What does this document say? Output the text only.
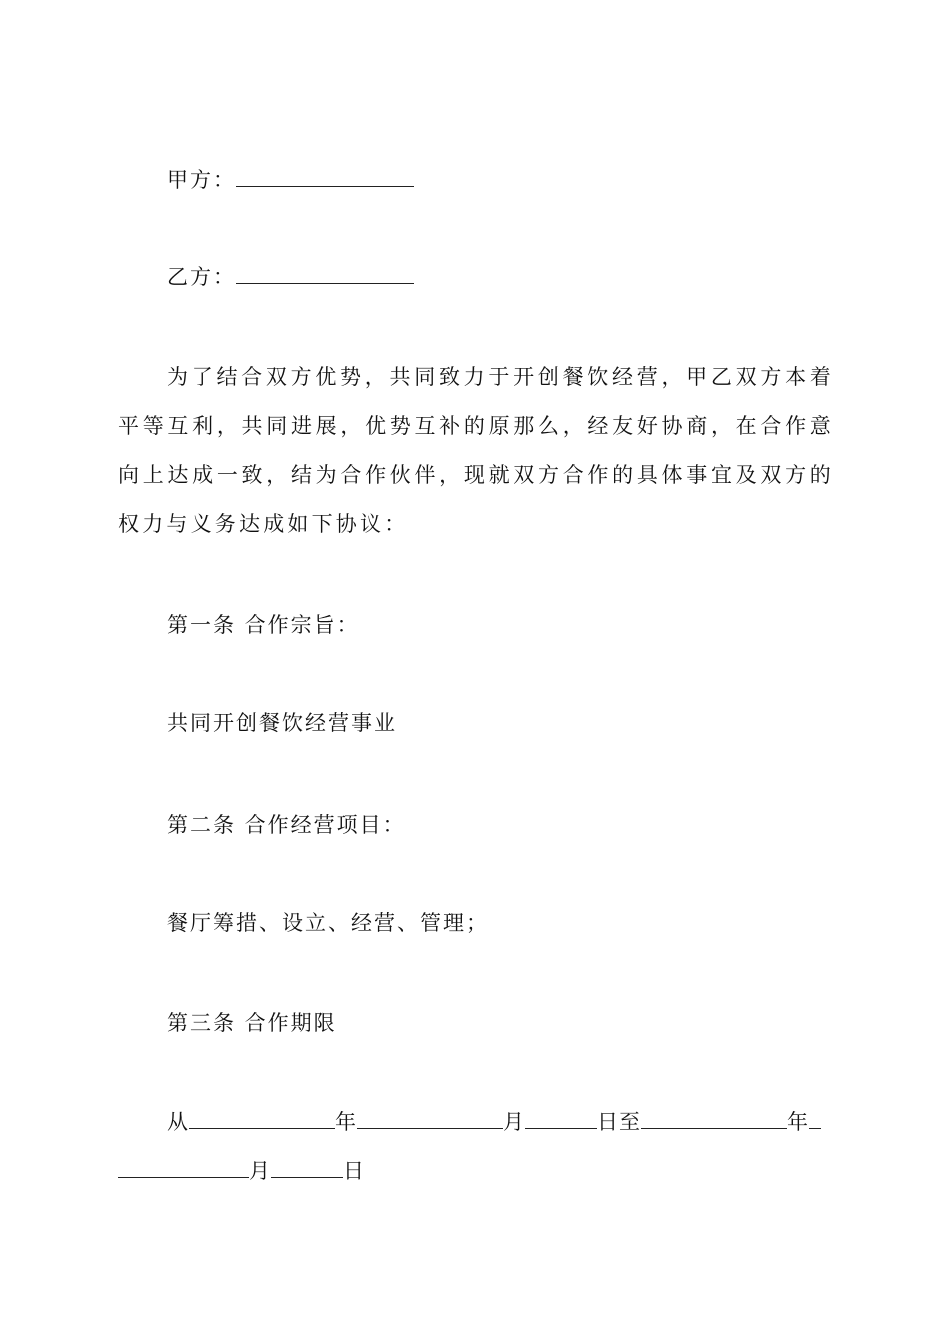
甲方：
乙方：
为了结合双方优势，共同致力于开创餐饮经营，甲乙双方本着平等互利，共同进展，优势互补的原那么，经友好协商，在合作意向上达成一致，结为合作伙伴，现就双方合作的具体事宜及双方的权力与义务达成如下协议：
第一条 合作宗旨：
共同开创餐饮经营事业
第二条 合作经营项目：
餐厅筹措、设立、经营、管理；
第三条 合作期限
从	年	月	日至	年
月	日
